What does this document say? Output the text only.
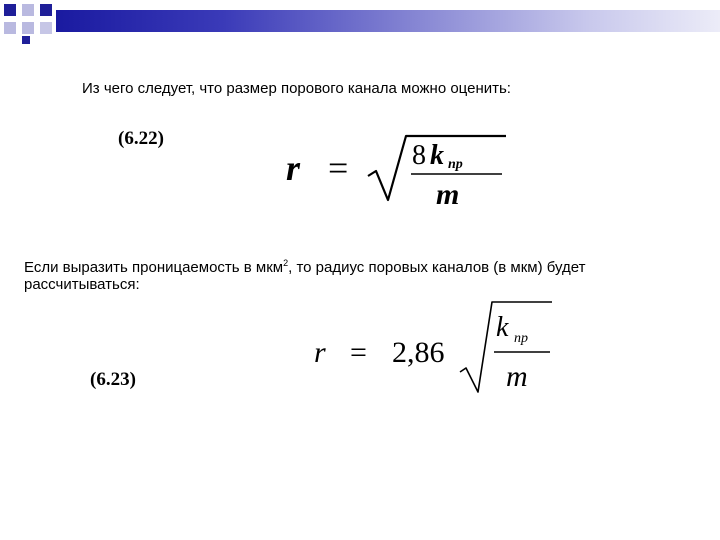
Из чего следует, что размер порового канала можно оценить:
(6.22)
r = 8 k пр
m
Если выразить проницаемость в мкм$^2$, то радиус поровых каналов (в мкм) будет
рассчитываться:
r = 2,86
k пр
m
(6.23)
